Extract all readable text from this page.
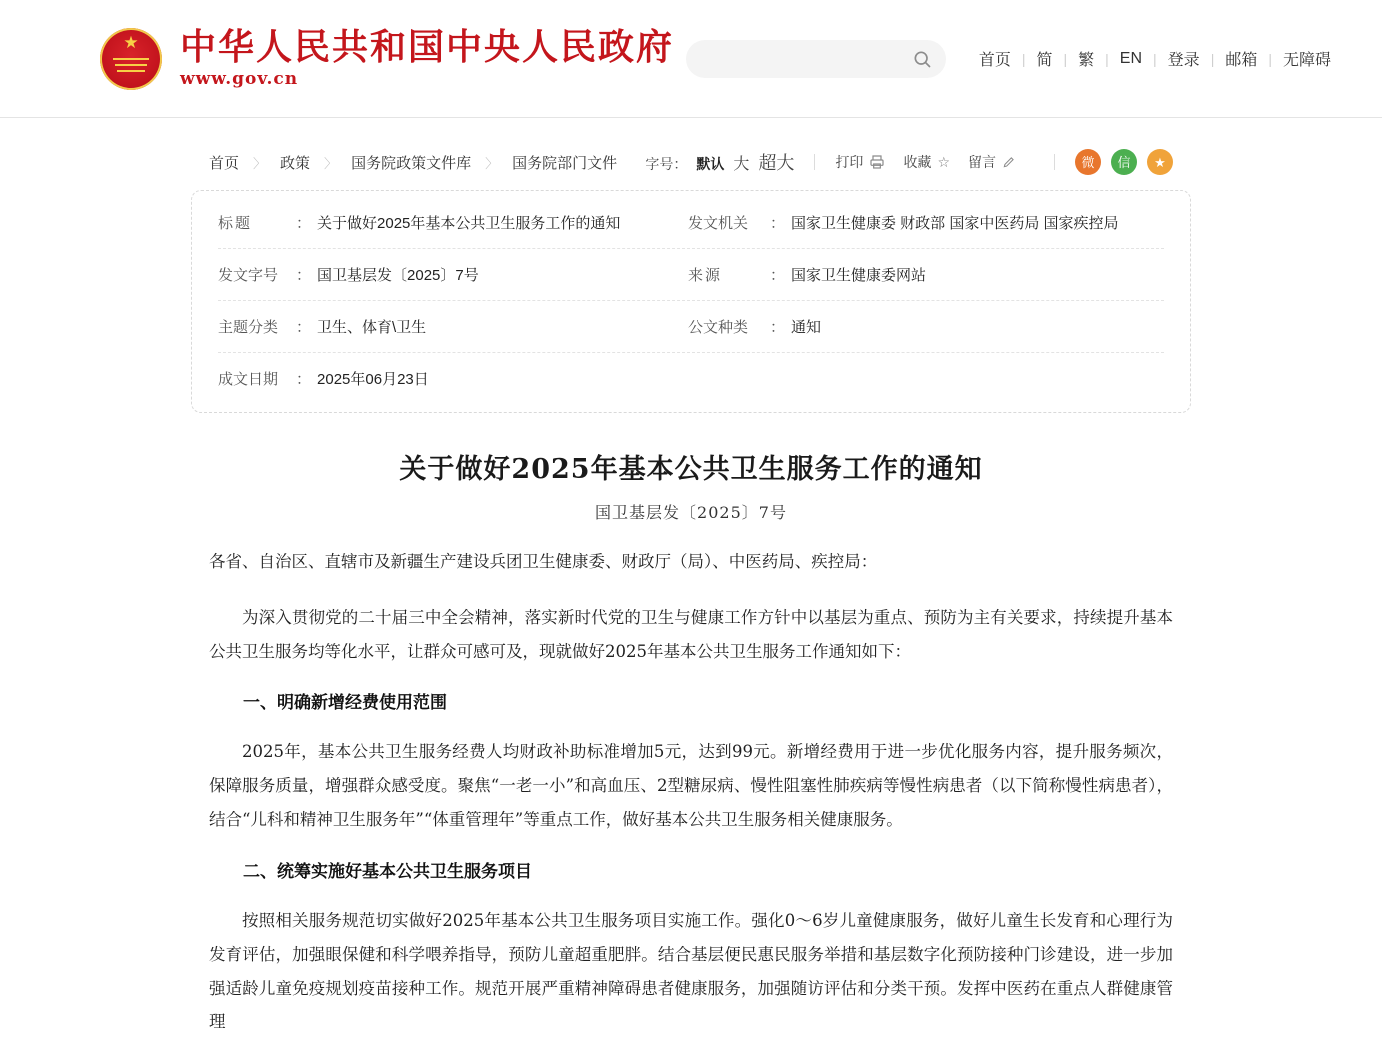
★
中华人民共和国中央人民政府
www.gov.cn
首页 | 简 | 繁 | EN | 登录 | 邮箱 | 无障碍
首页 〉 政策 〉 国务院政策文件库 〉 国务院部门文件 字号： 默认 大 超大	打印	收藏 ☆ 留言	微	信	★
标题	： 关于做好2025年基本公共卫生服务工作的通知	发文机关	： 国家卫生健康委 财政部 国家中医药局 国家疾控局
发文字号	： 国卫基层发〔2025〕7号	来源	： 国家卫生健康委网站
主题分类	： 卫生、体育\卫生	公文种类	： 通知
成文日期	： 2025年06月23日
关于做好2025年基本公共卫生服务工作的通知
国卫基层发〔2025〕7号

各省、自治区、直辖市及新疆生产建设兵团卫生健康委、财政厅（局）、中医药局、疾控局：

为深入贯彻党的二十届三中全会精神，落实新时代党的卫生与健康工作方针中以基层为重点、预防为主有关要求，持续提升基本公共卫生服务均等化水平，让群众可感可及，现就做好2025年基本公共卫生服务工作通知如下：

一、明确新增经费使用范围

2025年，基本公共卫生服务经费人均财政补助标准增加5元，达到99元。新增经费用于进一步优化服务内容，提升服务频次，保障服务质量，增强群众感受度。聚焦“一老一小”和高血压、2型糖尿病、慢性阻塞性肺疾病等慢性病患者（以下简称慢性病患者），结合“儿科和精神卫生服务年”“体重管理年”等重点工作，做好基本公共卫生服务相关健康服务。

二、统筹实施好基本公共卫生服务项目

按照相关服务规范切实做好2025年基本公共卫生服务项目实施工作。强化0～6岁儿童健康服务，做好儿童生长发育和心理行为发育评估，加强眼保健和科学喂养指导，预防儿童超重肥胖。结合基层便民惠民服务举措和基层数字化预防接种门诊建设，进一步加强适龄儿童免疫规划疫苗接种工作。规范开展严重精神障碍患者健康服务，加强随访评估和分类干预。发挥中医药在重点人群健康管理
